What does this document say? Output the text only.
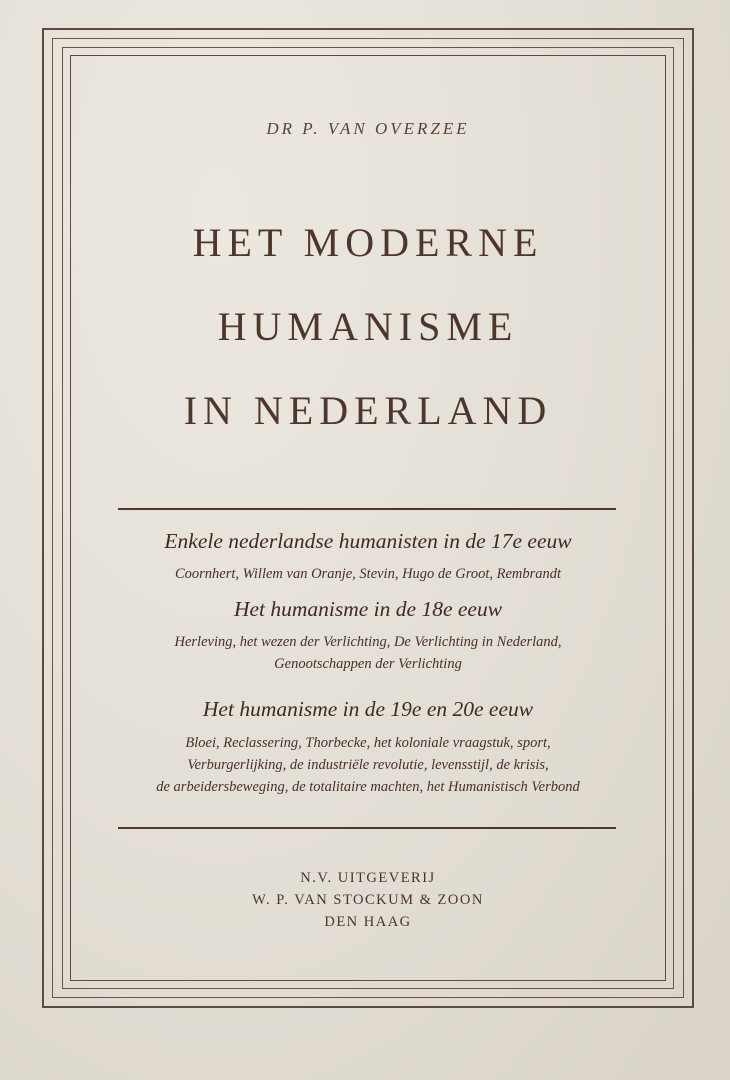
DR P. VAN OVERZEE
HET MODERNE
HUMANISME
IN NEDERLAND
Enkele nederlandse humanisten in de 17e eeuw
Coornhert, Willem van Oranje, Stevin, Hugo de Groot, Rembrandt
Het humanisme in de 18e eeuw
Herleving, het wezen der Verlichting, De Verlichting in Nederland,
Genootschappen der Verlichting
Het humanisme in de 19e en 20e eeuw
Bloei, Reclassering, Thorbecke, het koloniale vraagstuk, sport,
Verburgerlijking, de industriële revolutie, levensstijl, de krisis,
de arbeidersbeweging, de totalitaire machten, het Humanistisch Verbond
N.V. UITGEVERIJ
W. P. VAN STOCKUM & ZOON
DEN HAAG
